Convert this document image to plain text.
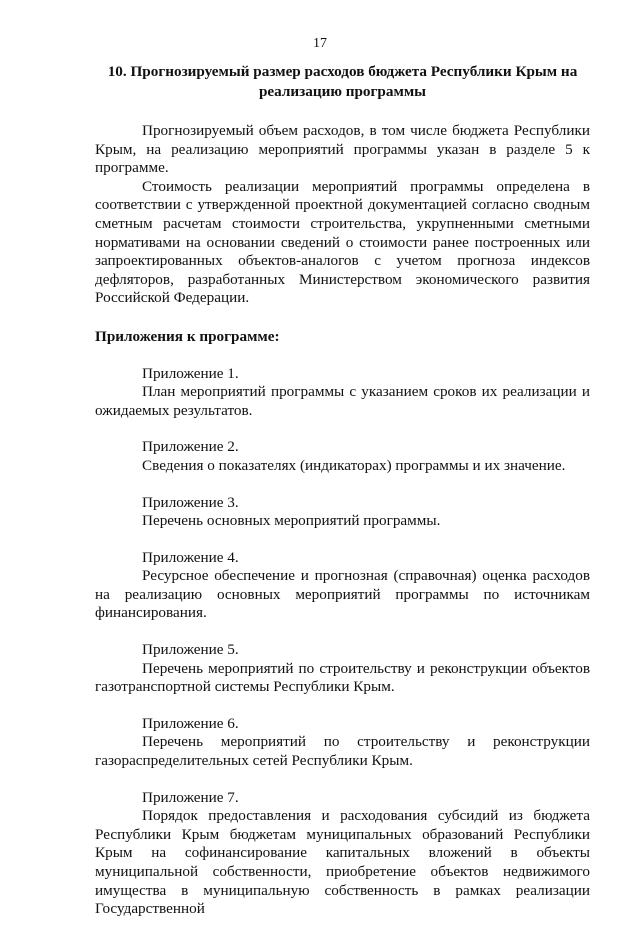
17
10. Прогнозируемый размер расходов бюджета Республики Крым на
реализацию программы

Прогнозируемый объем расходов, в том числе бюджета Республики Крым, на реализацию мероприятий программы указан в разделе 5 к программе.

Стоимость реализации мероприятий программы определена в соответствии с утвержденной проектной документацией согласно сводным сметным расчетам стоимости строительства, укрупненными сметными нормативами на основании сведений о стоимости ранее построенных или запроектированных объектов-аналогов с учетом прогноза индексов дефляторов, разработанных Министерством экономического развития Российской Федерации.

Приложения к программе:

Приложение 1.

План мероприятий программы с указанием сроков их реализации и ожидаемых результатов.

Приложение 2.

Сведения о показателях (индикаторах) программы и их значение.

Приложение 3.

Перечень основных мероприятий программы.

Приложение 4.

Ресурсное обеспечение и прогнозная (справочная) оценка расходов на реализацию основных мероприятий программы по источникам финансирования.

Приложение 5.

Перечень мероприятий по строительству и реконструкции объектов газотранспортной системы Республики Крым.

Приложение 6.

Перечень мероприятий по строительству и реконструкции газораспределительных сетей Республики Крым.

Приложение 7.

Порядок предоставления и расходования субсидий из бюджета Республики Крым бюджетам муниципальных образований Республики Крым на софинансирование капитальных вложений в объекты муниципальной собственности, приобретение объектов недвижимого имущества в муниципальную собственность в рамках реализации Государственной
